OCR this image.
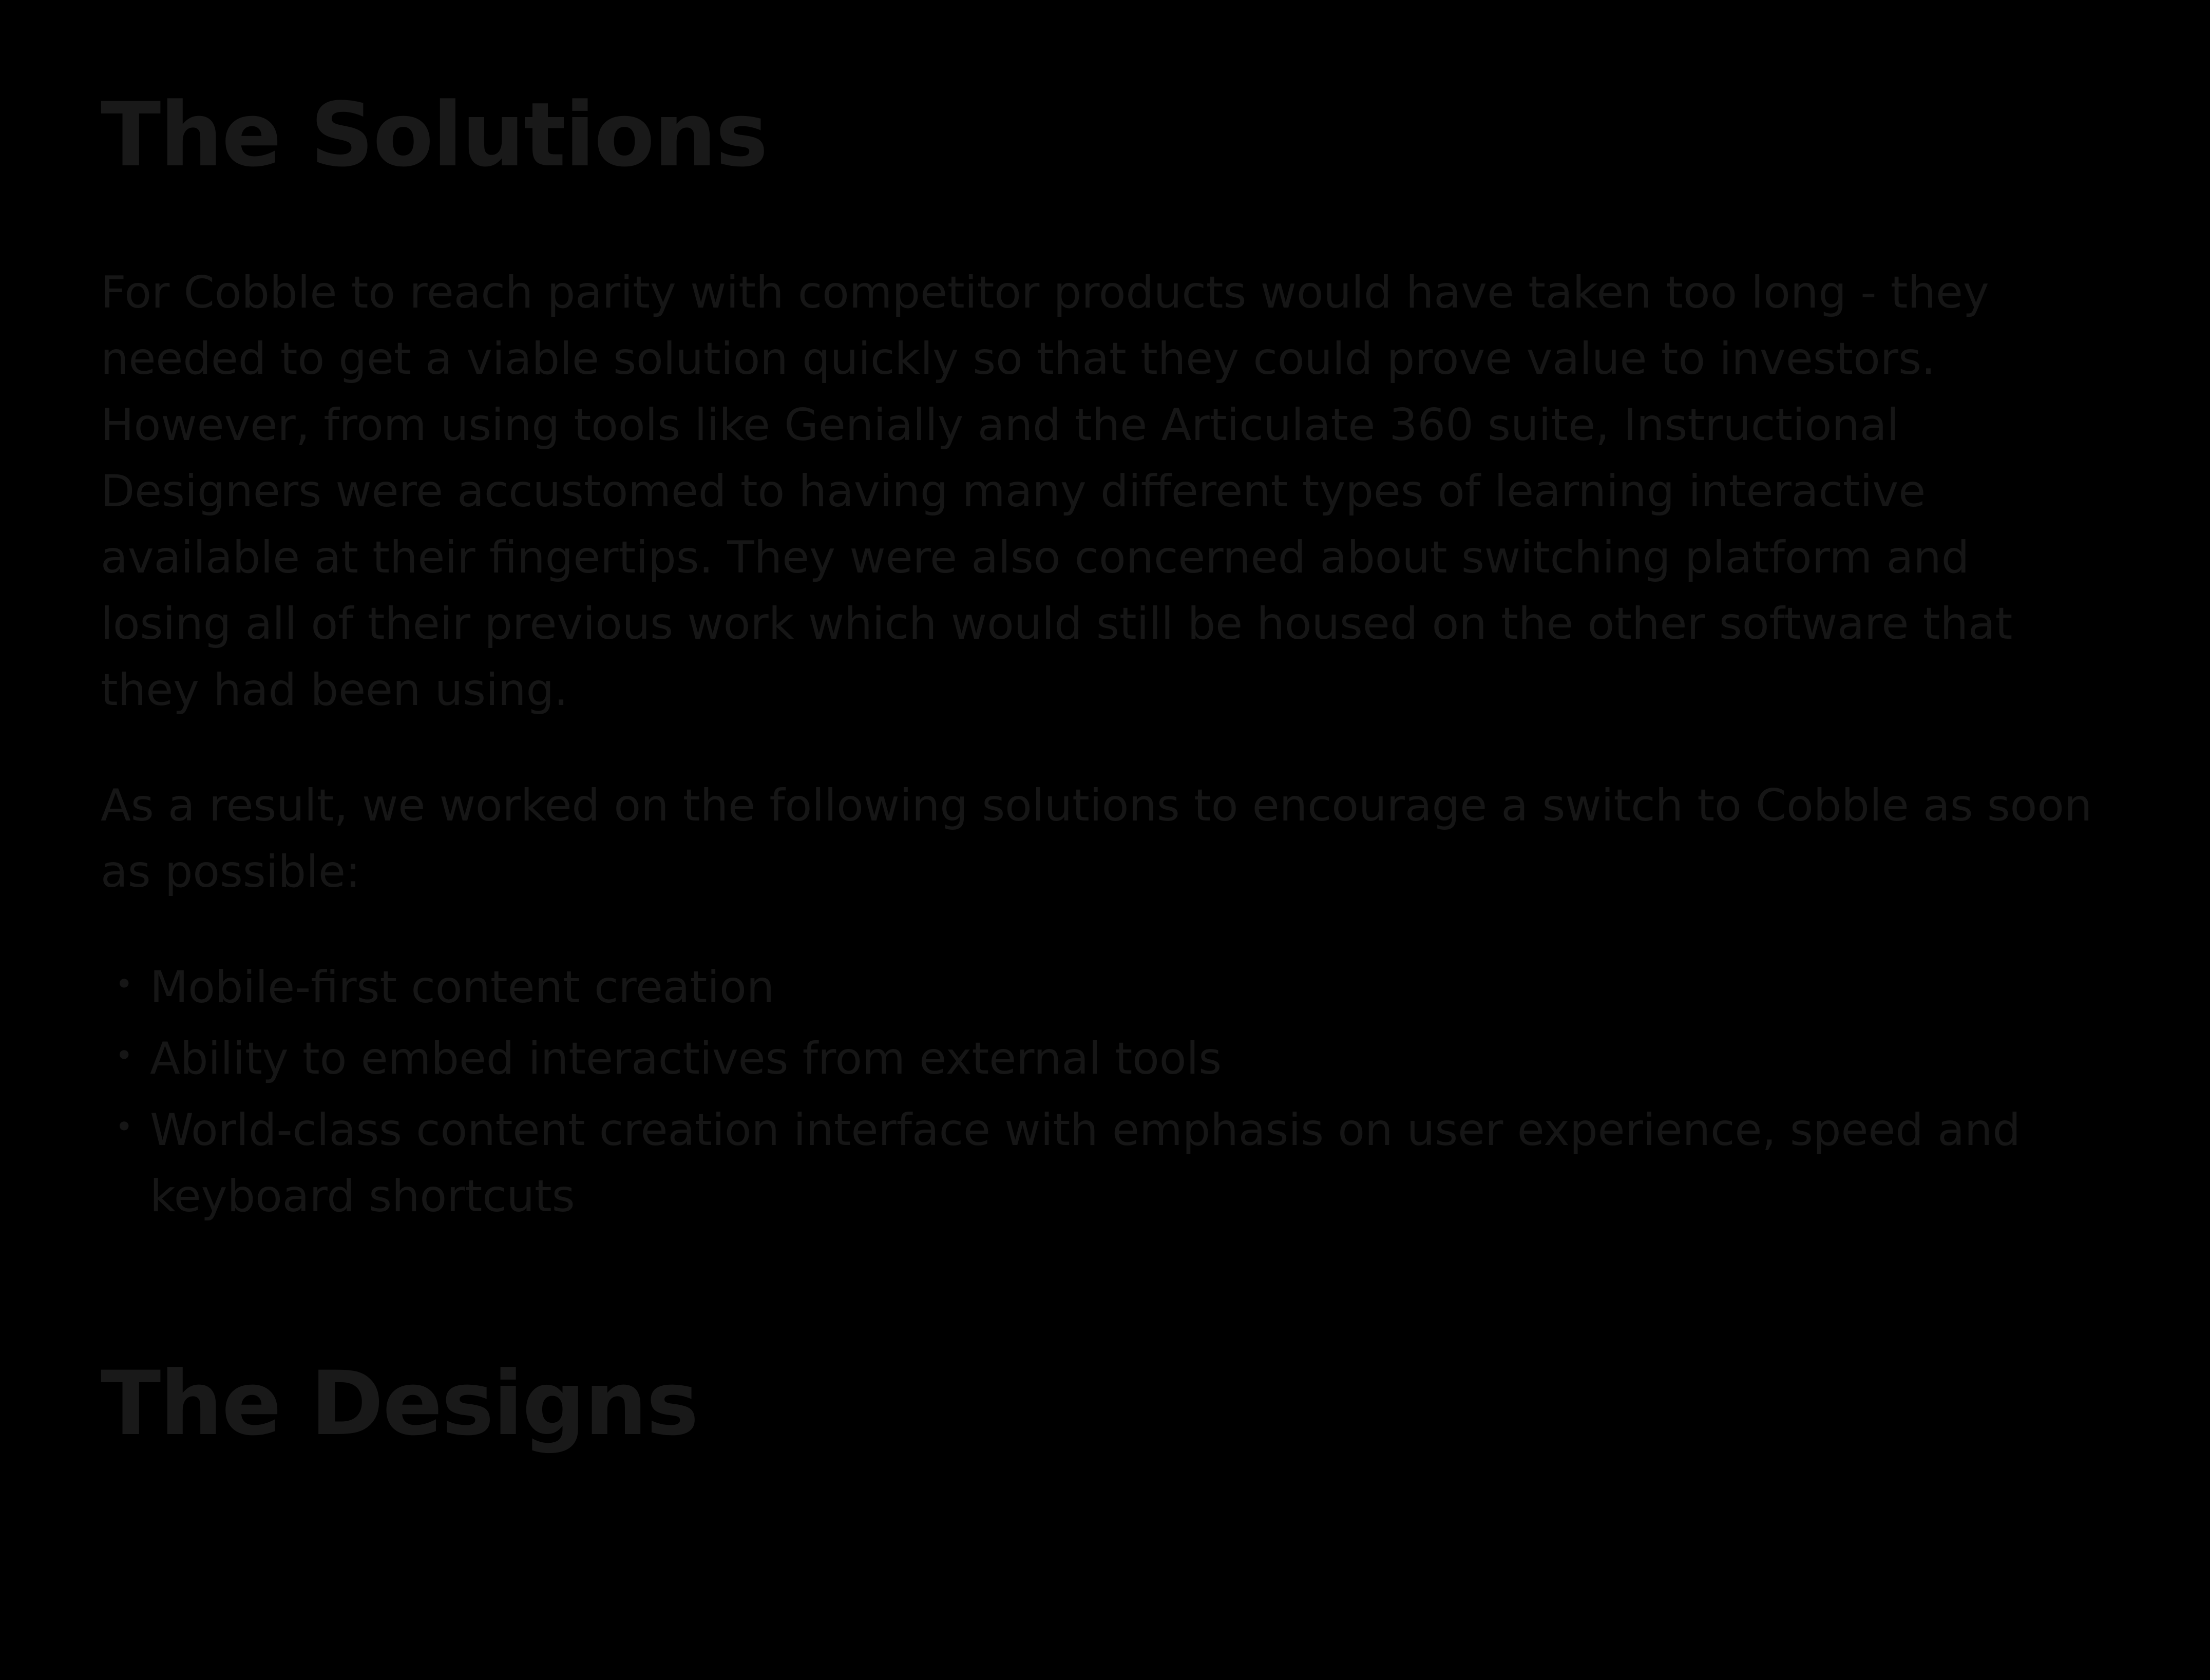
The Solutions

For Cobble to reach parity with competitor products would have taken too long - they needed to get a viable solution quickly so that they could prove value to investors. However, from using tools like Genially and the Articulate 360 suite, Instructional Designers were accustomed to having many different types of learning interactive available at their fingertips. They were also concerned about switching platform and losing all of their previous work which would still be housed on the other software that they had been using.

As a result, we worked on the following solutions to encourage a switch to Cobble as soon as possible:

• Mobile-first content creation
• Ability to embed interactives from external tools
• World-class content creation interface with emphasis on user experience, speed and keyboard shortcuts
The Designs
